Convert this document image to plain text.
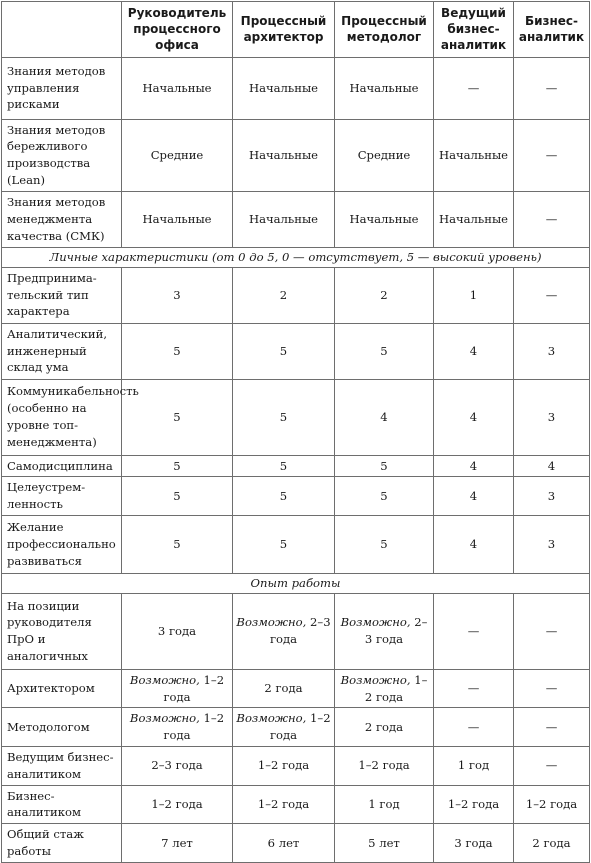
	Руководитель процессного офиса	Процессный архитектор	Процессный методолог	Ведущий бизнес-аналитик	Бизнес-аналитик
Знания методов управления рисками	Начальные	Начальные	Начальные	—	—
Знания методов бережливого производства (Lean)	Средние	Начальные	Средние	Начальные	—
Знания методов менеджмента качества (СМК)	Начальные	Начальные	Начальные	Начальные	—
Личные характеристики (от 0 до 5, 0 — отсутствует, 5 — высокий уровень)					
Предпринима-тельский тип характера	3	2	2	1	—
Аналитический, инженерный склад ума	5	5	5	4	3
Коммуникабельность (особенно на уровне топ-менеджмента)	5	5	4	4	3
Самодисциплина	5	5	5	4	4
Целеустрем-ленность	5	5	5	4	3
Желание профессионально развиваться	5	5	5	4	3
Опыт работы					
На позиции руководителя ПрО и аналогичных	3 года	Возможно, 2–3 года	Возможно, 2–3 года	—	—
Архитектором	Возможно, 1–2 года	2 года	Возможно, 1–2 года	—	—
Методологом	Возможно, 1–2 года	Возможно, 1–2 года	2 года	—	—
Ведущим бизнес-аналитиком	2–3 года	1–2 года	1–2 года	1 год	—
Бизнес-аналитиком	1–2 года	1–2 года	1 год	1–2 года	1–2 года
Общий стаж работы	7 лет	6 лет	5 лет	3 года	2 года
